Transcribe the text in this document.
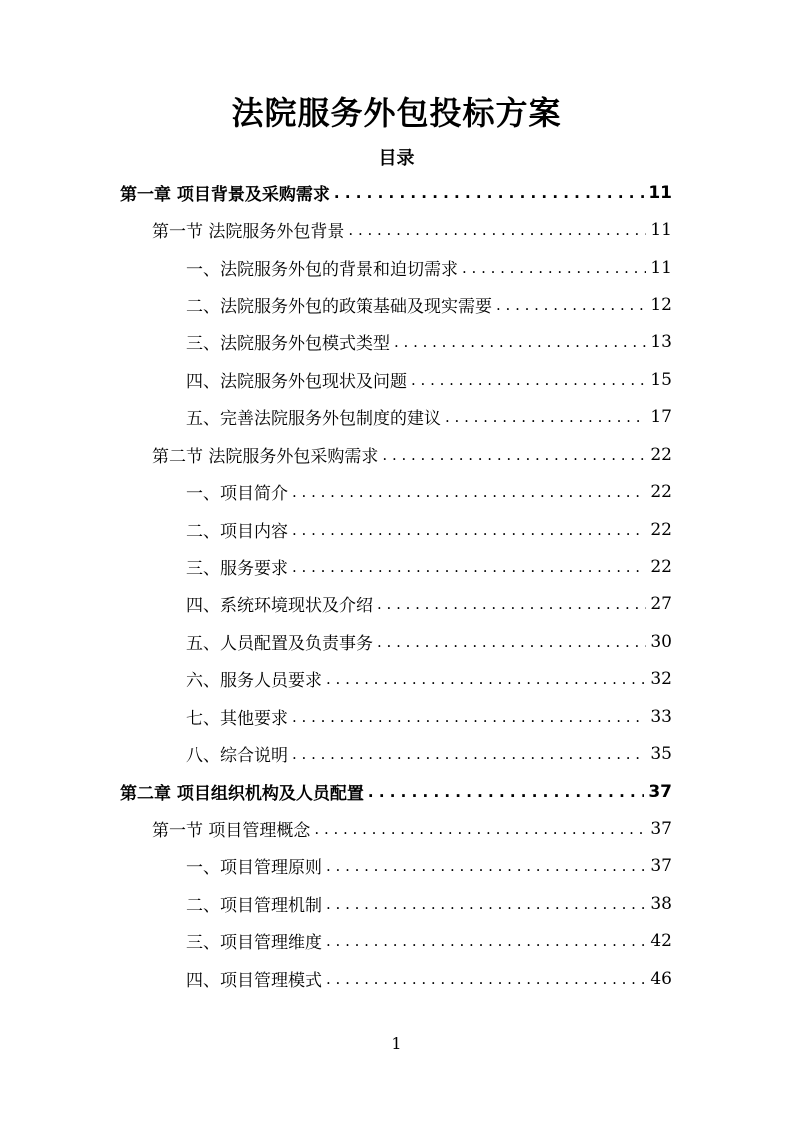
法院服务外包投标方案
目录
第一章 项目背景及采购需求 . . .	11
第一节 法院服务外包背景 . . .	11
一、法院服务外包的背景和迫切需求 . . .	11
二、法院服务外包的政策基础及现实需要 . . .	12
三、法院服务外包模式类型 . . .	13
四、法院服务外包现状及问题 . . .	15
五、完善法院服务外包制度的建议 . . .	17
第二节 法院服务外包采购需求 . . .	22
一、项目简介 . . .	22
二、项目内容 . . .	22
三、服务要求 . . .	22
四、系统环境现状及介绍 . . .	27
五、人员配置及负责事务 . . .	30
六、服务人员要求 . . .	32
七、其他要求 . . .	33
八、综合说明 . . .	35
第二章 项目组织机构及人员配置 . . .	37
第一节 项目管理概念 . . .	37
一、项目管理原则 . . .	37
二、项目管理机制 . . .	38
三、项目管理维度 . . .	42
四、项目管理模式 . . .	46
1
